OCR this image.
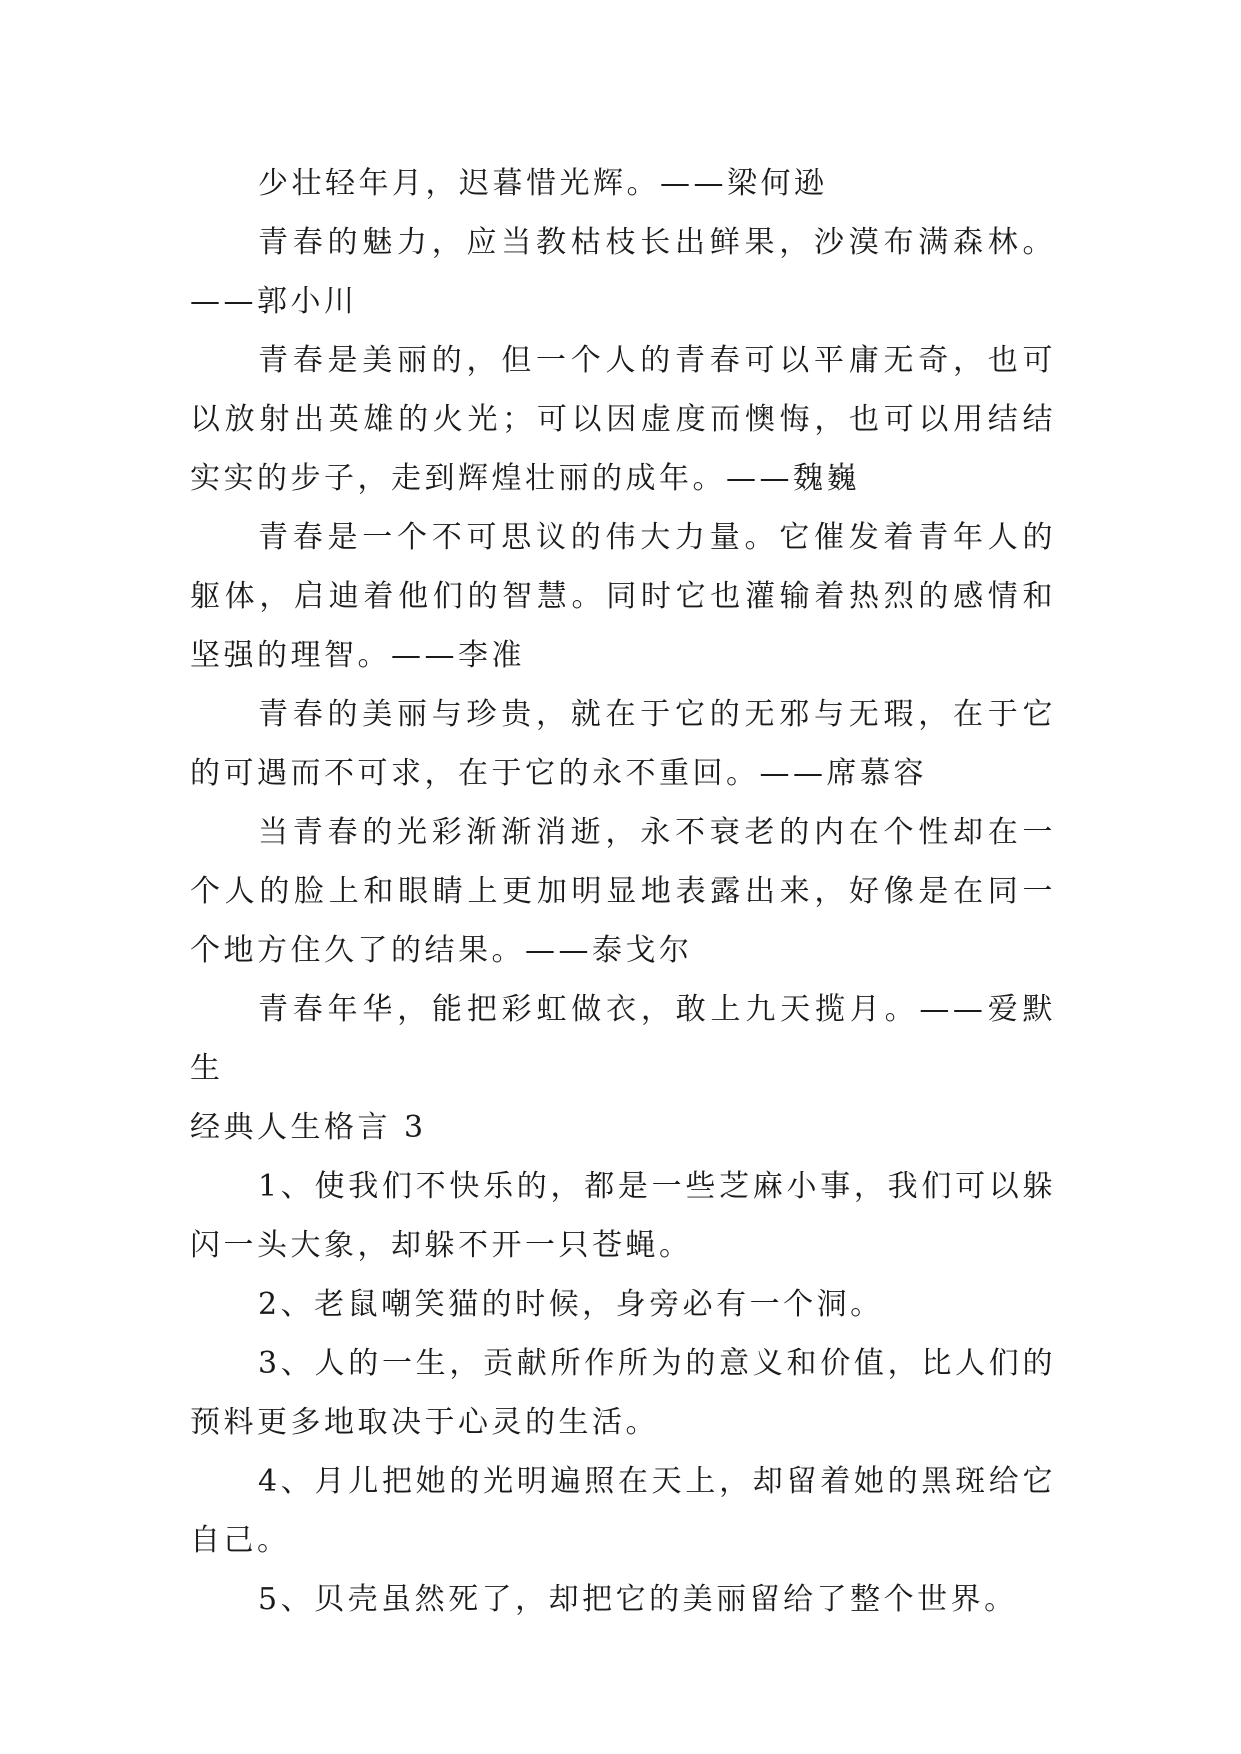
少壮轻年月，迟暮惜光辉。——梁何逊

青春的魅力，应当教枯枝长出鲜果，沙漠布满森林。——郭小川

青春是美丽的，但一个人的青春可以平庸无奇，也可以放射出英雄的火光；可以因虚度而懊悔，也可以用结结实实的步子，走到辉煌壮丽的成年。——魏巍

青春是一个不可思议的伟大力量。它催发着青年人的躯体，启迪着他们的智慧。同时它也灌输着热烈的感情和坚强的理智。——李准

青春的美丽与珍贵，就在于它的无邪与无瑕，在于它的可遇而不可求，在于它的永不重回。——席慕容

当青春的光彩渐渐消逝，永不衰老的内在个性却在一个人的脸上和眼睛上更加明显地表露出来，好像是在同一个地方住久了的结果。——泰戈尔

青春年华，能把彩虹做衣，敢上九天揽月。——爱默生

经典人生格言 3

1、使我们不快乐的，都是一些芝麻小事，我们可以躲闪一头大象，却躲不开一只苍蝇。

2、老鼠嘲笑猫的时候，身旁必有一个洞。

3、人的一生，贡献所作所为的意义和价值，比人们的预料更多地取决于心灵的生活。

4、月儿把她的光明遍照在天上，却留着她的黑斑给它自己。

5、贝壳虽然死了，却把它的美丽留给了整个世界。
